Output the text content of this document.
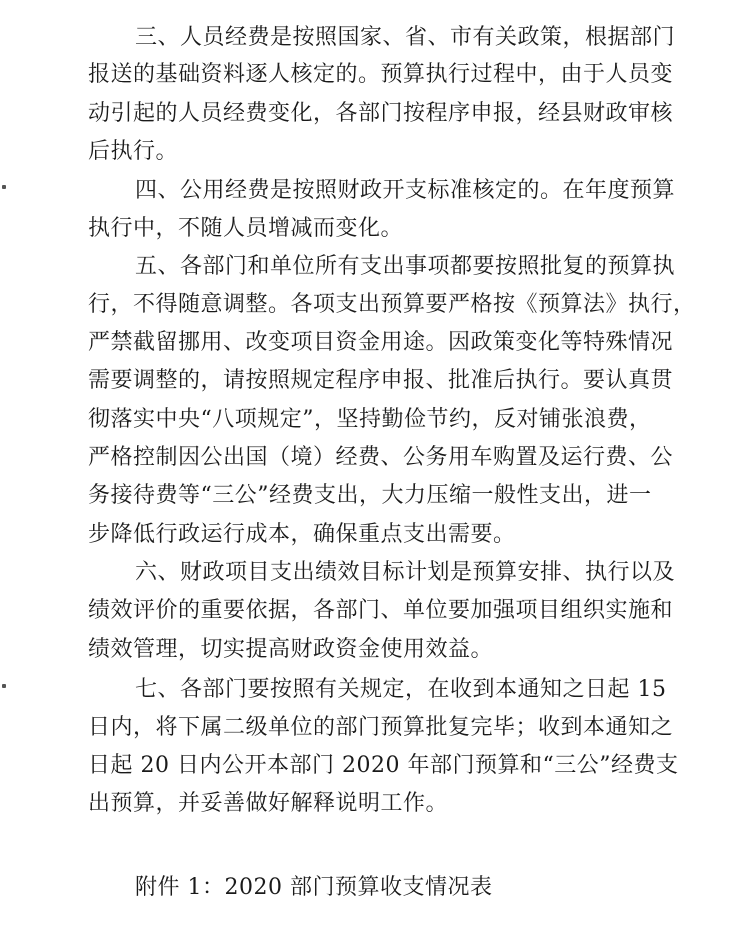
三、人员经费是按照国家、省、市有关政策，根据部门
报送的基础资料逐人核定的。预算执行过程中，由于人员变
动引起的人员经费变化，各部门按程序申报，经县财政审核
后执行。
四、公用经费是按照财政开支标准核定的。在年度预算
执行中，不随人员增减而变化。
五、各部门和单位所有支出事项都要按照批复的预算执
行，不得随意调整。各项支出预算要严格按《预算法》执行，
严禁截留挪用、改变项目资金用途。因政策变化等特殊情况
需要调整的，请按照规定程序申报、批准后执行。要认真贯
彻落实中央“八项规定”，坚持勤俭节约，反对铺张浪费，
严格控制因公出国（境）经费、公务用车购置及运行费、公
务接待费等“三公”经费支出，大力压缩一般性支出，进一
步降低行政运行成本，确保重点支出需要。
六、财政项目支出绩效目标计划是预算安排、执行以及
绩效评价的重要依据，各部门、单位要加强项目组织实施和
绩效管理，切实提高财政资金使用效益。
七、各部门要按照有关规定，在收到本通知之日起 15
日内，将下属二级单位的部门预算批复完毕；收到本通知之
日起 20 日内公开本部门 2020 年部门预算和“三公”经费支
出预算，并妥善做好解释说明工作。
附件 1：2020 部门预算收支情况表
